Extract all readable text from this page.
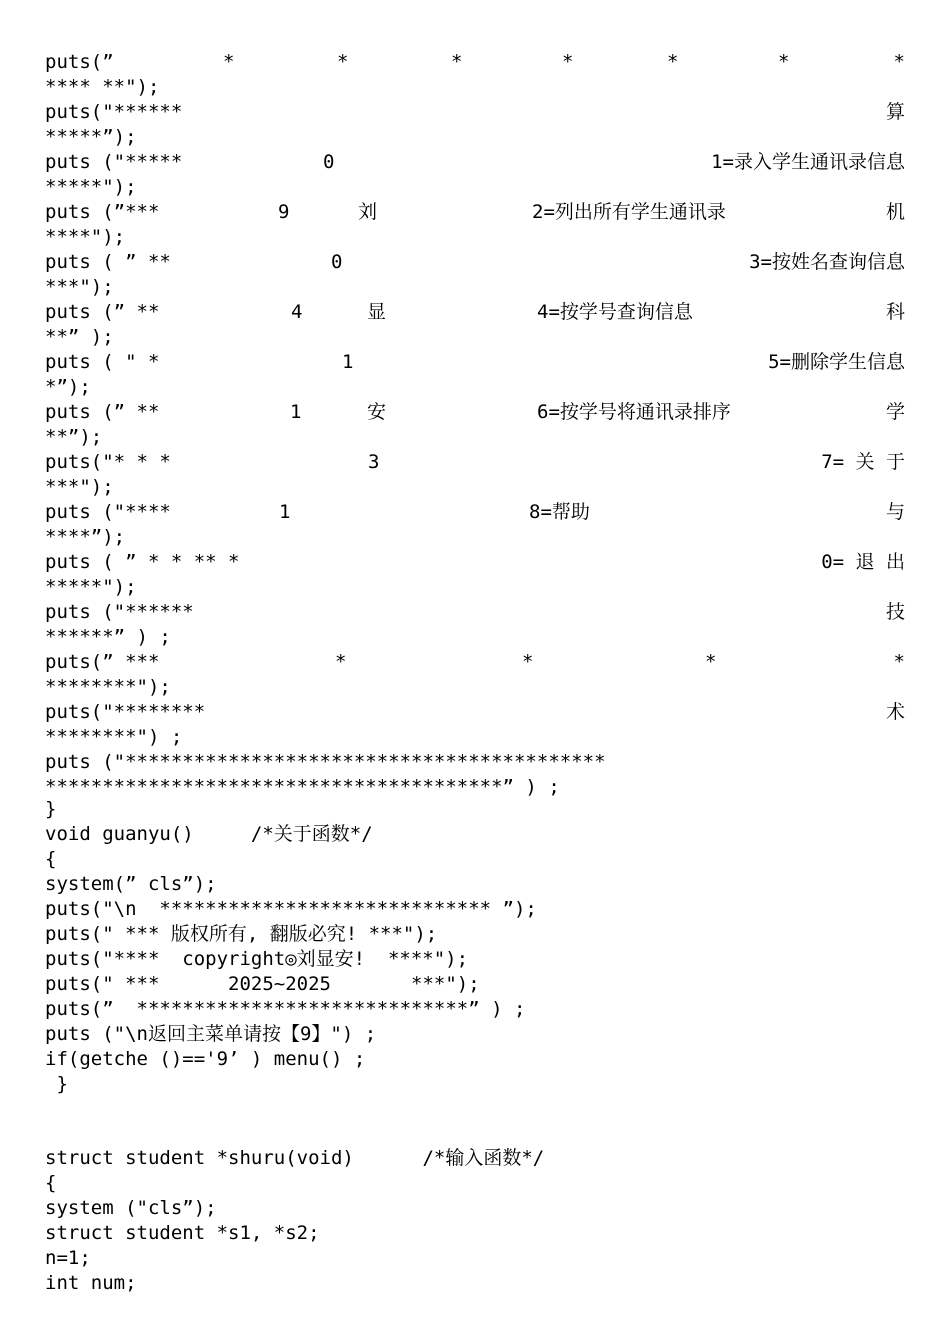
puts(”

	*

	*

	*

	*

	*

	*

	*

**** **");

puts("******

	算

*****”);

puts ("*****

	0

	1=录入学生通讯录信息

*****");

puts (”***

	9

	刘

	2=列出所有学生通讯录

	机

****");

puts ( ” **

	0

	3=按姓名查询信息

***");

puts (” **

	4

	显

	4=按学号查询信息

	科

**” );

puts ( " *

	1

	5=删除学生信息

*”);

puts (” **

	1

	安

	6=按学号将通讯录排序

	学

**”);

puts("* * *

	3

	7= 关 于

***");

puts ("****

	1

	8=帮助

	与

****”);

puts ( ” * * ** *

	0= 退 出

*****");

puts ("******

	技

******” ) ;

puts(” ***

	*

	*

	*

	*

********");

puts("********

	术

********") ;
puts ("******************************************
****************************************” ) ;
}
void guanyu()     /*关于函数*/
{
system(” cls”);
puts("\n  ***************************** ”);
puts(" *** 版权所有, 翻版必究! ***");
puts("****  copyright◎刘显安!  ****");
puts(" ***      2025~2025       ***");
puts(”  *****************************” ) ;
puts ("\n返回主菜单请按【9】") ;
if(getche ()=='9’ ) menu() ;
}
struct student *shuru(void)      /*输入函数*/
{
system ("cls”);
struct student *s1, *s2;
n=1;
int num;
